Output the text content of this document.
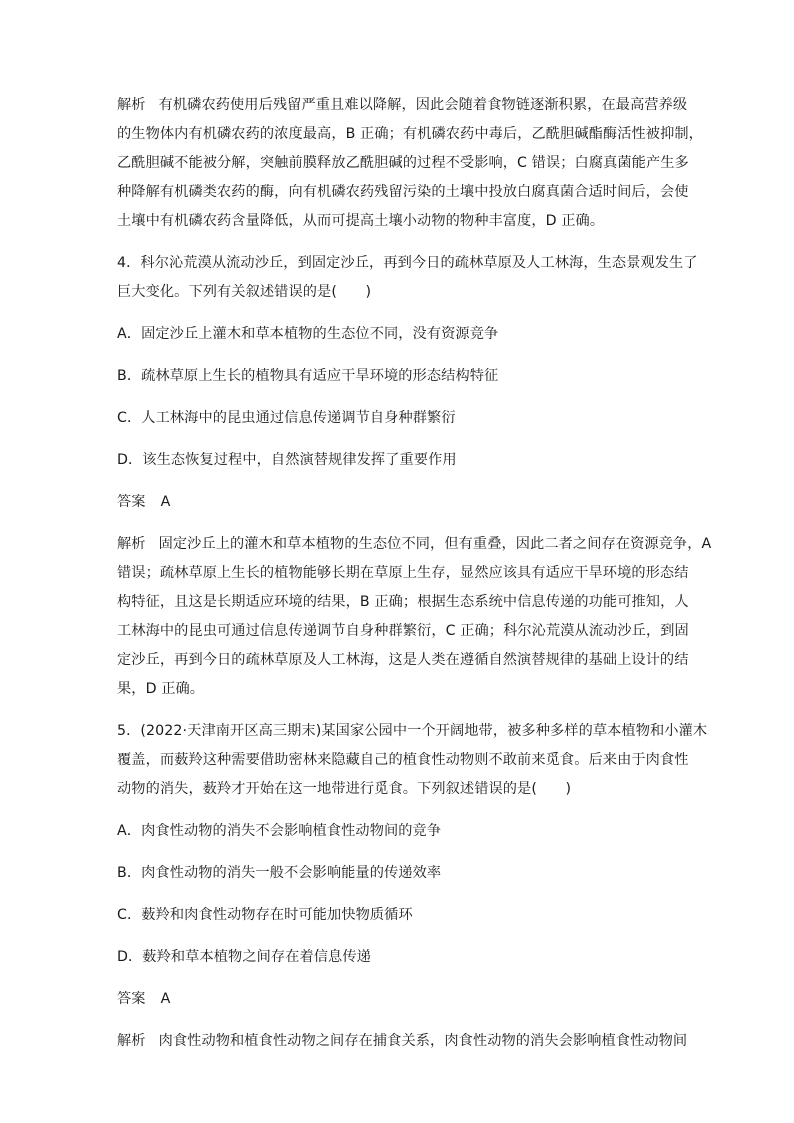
解析 有机磷农药使用后残留严重且难以降解，因此会随着食物链逐渐积累，在最高营养级
的生物体内有机磷农药的浓度最高，B 正确；有机磷农药中毒后，乙酰胆碱酯酶活性被抑制，
乙酰胆碱不能被分解，突触前膜释放乙酰胆碱的过程不受影响，C 错误；白腐真菌能产生多
种降解有机磷类农药的酶，向有机磷农药残留污染的土壤中投放白腐真菌合适时间后，会使
土壤中有机磷农药含量降低，从而可提高土壤小动物的物种丰富度，D 正确。
4．科尔沁荒漠从流动沙丘，到固定沙丘，再到今日的疏林草原及人工林海，生态景观发生了
巨大变化。下列有关叙述错误的是(　　)
A．固定沙丘上灌木和草本植物的生态位不同，没有资源竞争
B．疏林草原上生长的植物具有适应干旱环境的形态结构特征
C．人工林海中的昆虫通过信息传递调节自身种群繁衍
D．该生态恢复过程中，自然演替规律发挥了重要作用
答案 A
解析 固定沙丘上的灌木和草本植物的生态位不同，但有重叠，因此二者之间存在资源竞争，A
错误；疏林草原上生长的植物能够长期在草原上生存，显然应该具有适应干旱环境的形态结
构特征，且这是长期适应环境的结果，B 正确；根据生态系统中信息传递的功能可推知，人
工林海中的昆虫可通过信息传递调节自身种群繁衍，C 正确；科尔沁荒漠从流动沙丘，到固
定沙丘，再到今日的疏林草原及人工林海，这是人类在遵循自然演替规律的基础上设计的结
果，D 正确。
5．(2022·天津南开区高三期末)某国家公园中一个开阔地带，被多种多样的草本植物和小灌木
覆盖，而薮羚这种需要借助密林来隐藏自己的植食性动物则不敢前来觅食。后来由于肉食性
动物的消失，薮羚才开始在这一地带进行觅食。下列叙述错误的是(　　)
A．肉食性动物的消失不会影响植食性动物间的竞争
B．肉食性动物的消失一般不会影响能量的传递效率
C．薮羚和肉食性动物存在时可能加快物质循环
D．薮羚和草本植物之间存在着信息传递
答案 A
解析 肉食性动物和植食性动物之间存在捕食关系，肉食性动物的消失会影响植食性动物间
